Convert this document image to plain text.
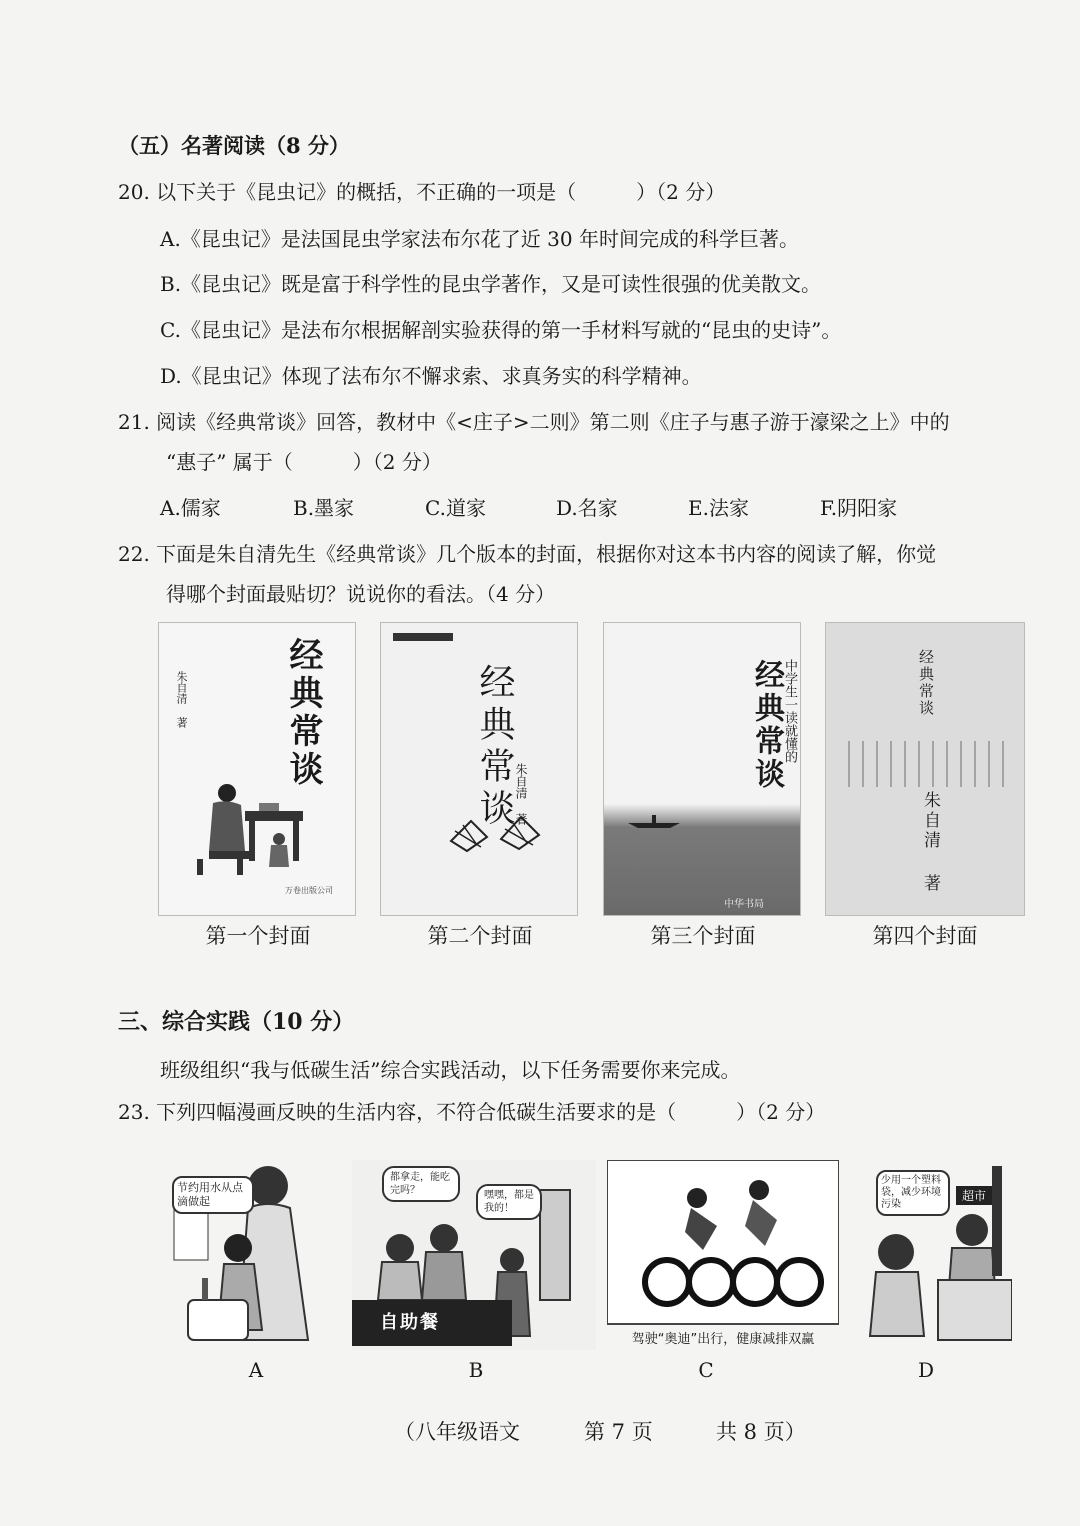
（五）名著阅读（8 分）
20. 以下关于《昆虫记》的概括，不正确的一项是（　　　）（2 分）
A.《昆虫记》是法国昆虫学家法布尔花了近 30 年时间完成的科学巨著。
B.《昆虫记》既是富于科学性的昆虫学著作，又是可读性很强的优美散文。
C.《昆虫记》是法布尔根据解剖实验获得的第一手材料写就的“昆虫的史诗”。
D.《昆虫记》体现了法布尔不懈求索、求真务实的科学精神。
21. 阅读《经典常谈》回答，教材中《<庄子>二则》第二则《庄子与惠子游于濠梁之上》中的
“惠子” 属于（　　　）（2 分）
A.儒家	B.墨家	C.道家	D.名家	E.法家	F.阴阳家
22. 下面是朱自清先生《经典常谈》几个版本的封面，根据你对这本书内容的阅读了解，你觉
得哪个封面最贴切？说说你的看法。（4 分）
经典常谈
朱自清 著
万卷出版公司
第一个封面
经典常谈 朱自清 著
第二个封面
经典常谈
中学生一读就懂的
中华书局
第三个封面
经典常谈
朱自清 著
第四个封面
三、综合实践（10 分）
班级组织“我与低碳生活”综合实践活动，以下任务需要你来完成。
23. 下列四幅漫画反映的生活内容，不符合低碳生活要求的是（　　　）（2 分）
节约用水从点滴做起
A
都拿走，能吃完吗？	嘿嘿，都是我的！
自助餐
B
驾驶“奥迪”出行，健康减排双赢
C
少用一个塑料袋，减少环境污染
超市
D
（八年级语文	第 7 页	共 8 页）
